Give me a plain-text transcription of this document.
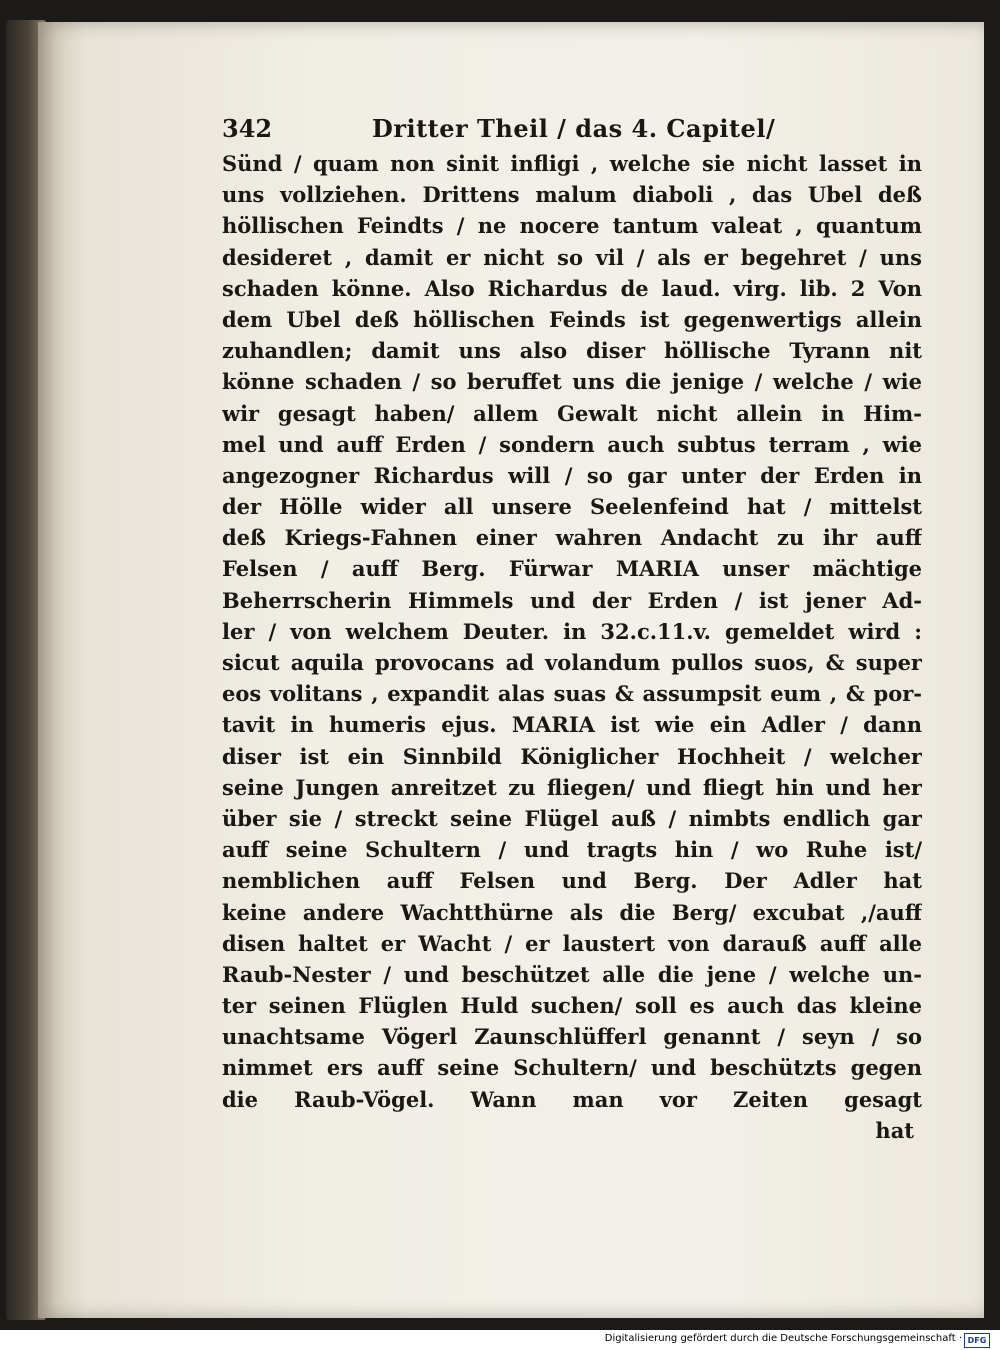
342	Dritter Theil / das 4. Capitel/
Sünd / quam non sinit infligi , welche sie nicht lasset in
uns vollziehen. Drittens malum diaboli , das Ubel deß
höllischen Feindts / ne nocere tantum valeat , quantum
desideret , damit er nicht so vil / als er begehret / uns
schaden könne. Also Richardus de laud. virg. lib. 2 Von
dem Ubel deß höllischen Feinds ist gegenwertigs allein
zuhandlen; damit uns also diser höllische Tyrann nit
könne schaden / so beruffet uns die jenige / welche / wie
wir gesagt haben/ allem Gewalt nicht allein in Him-
mel und auff Erden / sondern auch subtus terram , wie
angezogner Richardus will / so gar unter der Erden in
der Hölle wider all unsere Seelenfeind hat / mittelst
deß Kriegs-Fahnen einer wahren Andacht zu ihr auff
Felsen / auff Berg. Fürwar MARIA unser mächtige
Beherrscherin Himmels und der Erden / ist jener Ad-
ler / von welchem Deuter. in 32.c.11.v. gemeldet wird :
sicut aquila provocans ad volandum pullos suos, & super
eos volitans , expandit alas suas & assumpsit eum , & por-
tavit in humeris ejus. MARIA ist wie ein Adler / dann
diser ist ein Sinnbild Königlicher Hochheit / welcher
seine Jungen anreitzet zu fliegen/ und fliegt hin und her
über sie / streckt seine Flügel auß / nimbts endlich gar
auff seine Schultern / und tragts hin / wo Ruhe ist/
nemblichen auff Felsen und Berg. Der Adler hat
keine andere Wachtthürne als die Berg/ excubat ,/auff
disen haltet er Wacht / er laustert von darauß auff alle
Raub-Nester / und beschützet alle die jene / welche un-
ter seinen Flüglen Huld suchen/ soll es auch das kleine
unachtsame Vögerl Zaunschlüfferl genannt / seyn / so
nimmet ers auff seine Schultern/ und beschützts gegen
die Raub-Vögel. Wann man vor Zeiten gesagt
hat
Digitalisierung gefördert durch die Deutsche Forschungsgemeinschaft · DFG
